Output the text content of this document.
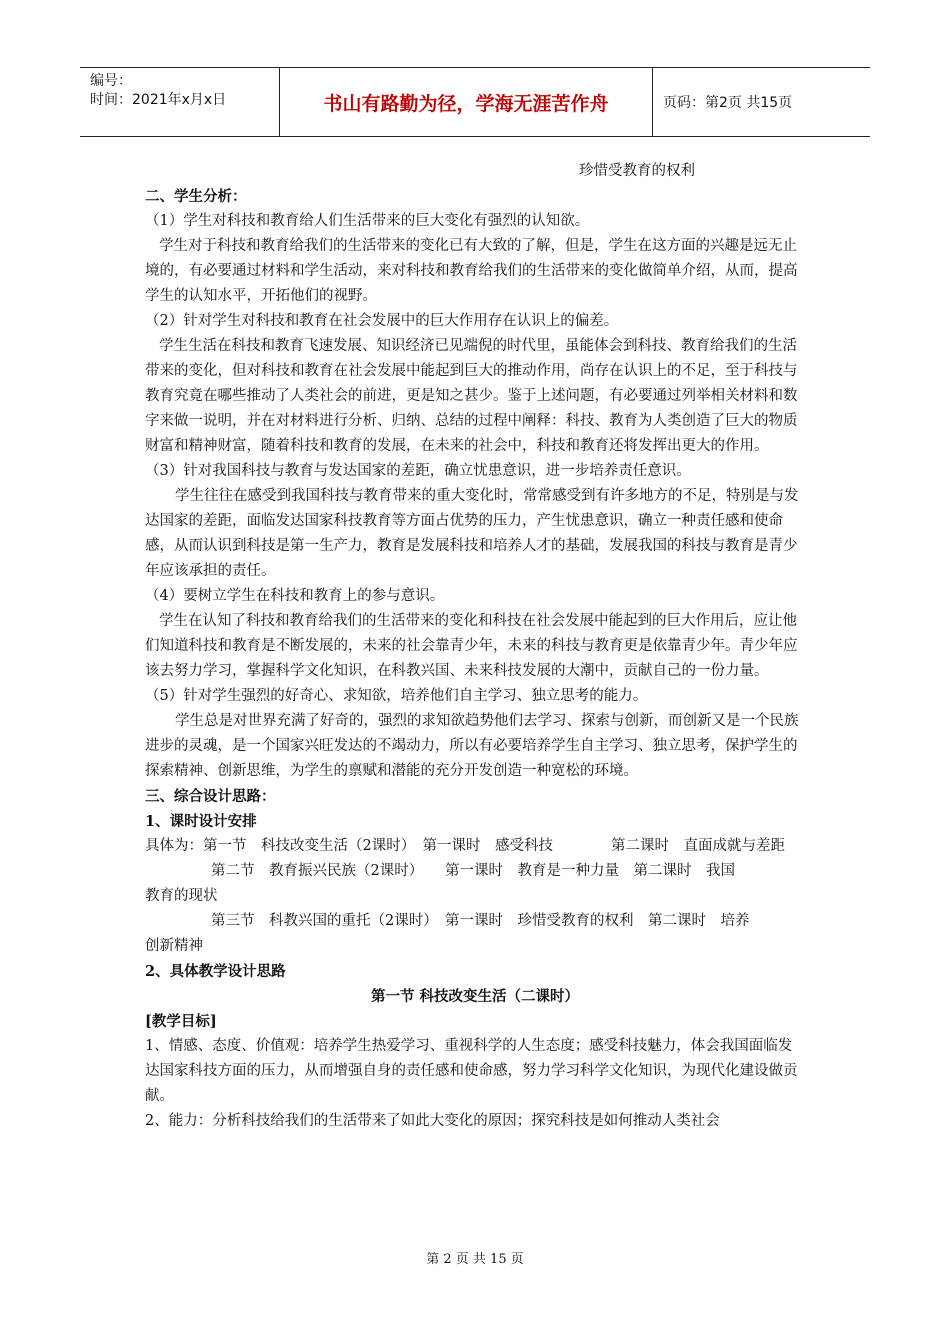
编号：
时间：2021年x月x日	书山有路勤为径，学海无涯苦作舟	页码：第2页 共15页

珍惜受教育的权利

二、学生分析：

（1）学生对科技和教育给人们生活带来的巨大变化有强烈的认知欲。

学生对于科技和教育给我们的生活带来的变化已有大致的了解，但是，学生在这方面的兴趣是远无止境的，有必要通过材料和学生活动，来对科技和教育给我们的生活带来的变化做简单介绍，从而，提高学生的认知水平，开拓他们的视野。

（2）针对学生对科技和教育在社会发展中的巨大作用存在认识上的偏差。

学生生活在科技和教育飞速发展、知识经济已见端倪的时代里，虽能体会到科技、教育给我们的生活带来的变化，但对科技和教育在社会发展中能起到巨大的推动作用，尚存在认识上的不足，至于科技与教育究竟在哪些推动了人类社会的前进，更是知之甚少。鉴于上述问题，有必要通过列举相关材料和数字来做一说明，并在对材料进行分析、归纳、总结的过程中阐释：科技、教育为人类创造了巨大的物质财富和精神财富，随着科技和教育的发展，在未来的社会中，科技和教育还将发挥出更大的作用。

（3）针对我国科技与教育与发达国家的差距，确立忧患意识，进一步培养责任意识。

学生往往在感受到我国科技与教育带来的重大变化时，常常感受到有许多地方的不足，特别是与发达国家的差距，面临发达国家科技教育等方面占优势的压力，产生忧患意识，确立一种责任感和使命感，从而认识到科技是第一生产力，教育是发展科技和培养人才的基础，发展我国的科技与教育是青少年应该承担的责任。

（4）要树立学生在科技和教育上的参与意识。

学生在认知了科技和教育给我们的生活带来的变化和科技在社会发展中能起到的巨大作用后，应让他们知道科技和教育是不断发展的，未来的社会靠青少年，未来的科技与教育更是依靠青少年。青少年应该去努力学习，掌握科学文化知识，在科教兴国、未来科技发展的大潮中，贡献自己的一份力量。

（5）针对学生强烈的好奇心、求知欲，培养他们自主学习、独立思考的能力。

学生总是对世界充满了好奇的，强烈的求知欲趋势他们去学习、探索与创新，而创新又是一个民族进步的灵魂，是一个国家兴旺发达的不竭动力，所以有必要培养学生自主学习、独立思考，保护学生的探索精神、创新思维，为学生的禀赋和潜能的充分开发创造一种宽松的环境。

三、综合设计思路：

1、课时设计安排

具体为：第一节　科技改变生活（2课时）　第一课时　感受科技　　　　第二课时　直面成就与差距

第二节　教育振兴民族（2课时）　　第一课时　教育是一种力量　第二课时　我国

教育的现状

第三节　科教兴国的重托（2课时）　第一课时　珍惜受教育的权利　第二课时　培养

创新精神

2、具体教学设计思路

第一节 科技改变生活（二课时）

[教学目标]

1、情感、态度、价值观：培养学生热爱学习、重视科学的人生态度；感受科技魅力，体会我国面临发达国家科技方面的压力，从而增强自身的责任感和使命感，努力学习科学文化知识，为现代化建设做贡献。

2、能力：分析科技给我们的生活带来了如此大变化的原因；探究科技是如何推动人类社会

第 2 页 共 15 页
